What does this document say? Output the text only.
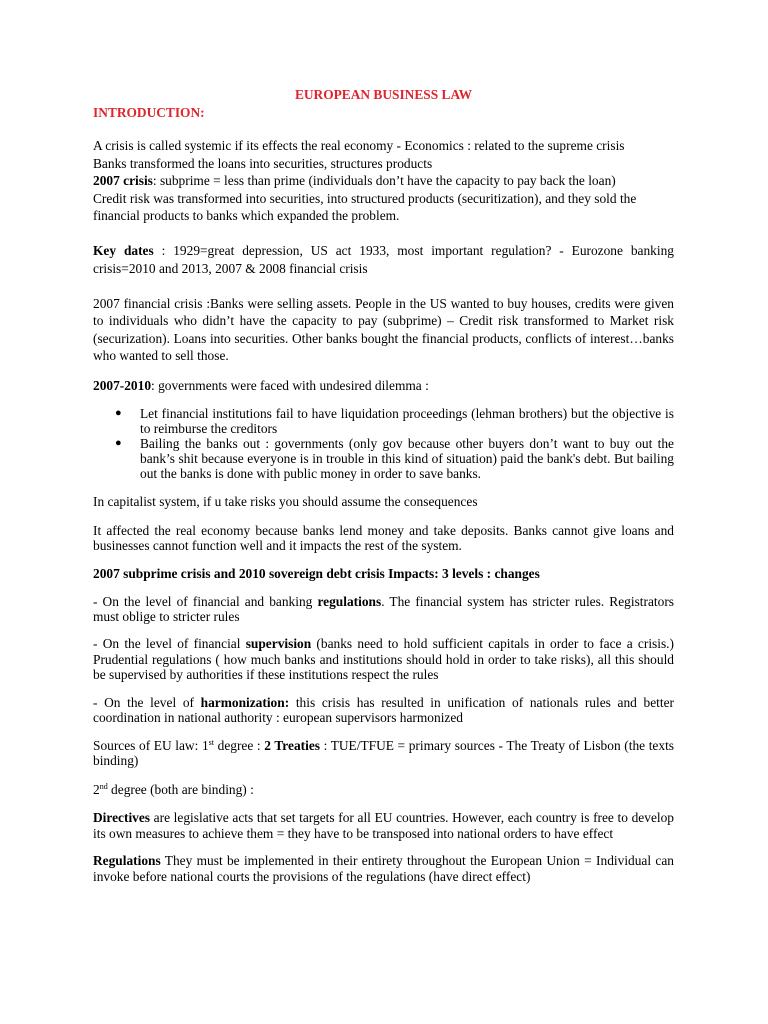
EUROPEAN BUSINESS LAW

INTRODUCTION:

A crisis is called systemic if its effects the real economy - Economics : related to the supreme crisis
Banks transformed the loans into securities, structures products
2007 crisis: subprime = less than prime (individuals don’t have the capacity to pay back the loan)
Credit risk was transformed into securities, into structured products (securitization), and they sold the financial products to banks which expanded the problem.

Key dates : 1929=great depression, US act 1933, most important regulation? - Eurozone banking crisis=2010 and 2013, 2007 & 2008 financial crisis

2007 financial crisis :Banks were selling assets. People in the US wanted to buy houses, credits were given to individuals who didn’t have the capacity to pay (subprime) – Credit risk transformed to Market risk (securization). Loans into securities. Other banks bought the financial products, conflicts of interest…banks who wanted to sell those.

2007-2010: governments were faced with undesired dilemma :

● Let financial institutions fail to have liquidation proceedings (lehman brothers) but the objective is to reimburse the creditors
● Bailing the banks out : governments (only gov because other buyers don’t want to buy out the bank’s shit because everyone is in trouble in this kind of situation) paid the bank's debt. But bailing out the banks is done with public money in order to save banks.

In capitalist system, if u take risks you should assume the consequences

It affected the real economy because banks lend money and take deposits. Banks cannot give loans and businesses cannot function well and it impacts the rest of the system.

2007 subprime crisis and 2010 sovereign debt crisis Impacts: 3 levels : changes

- On the level of financial and banking regulations. The financial system has stricter rules. Registrators must oblige to stricter rules

- On the level of financial supervision (banks need to hold sufficient capitals in order to face a crisis.) Prudential regulations ( how much banks and institutions should hold in order to take risks), all this should be supervised by authorities if these institutions respect the rules

- On the level of harmonization: this crisis has resulted in unification of nationals rules and better coordination in national authority : european supervisors harmonized

Sources of EU law: 1st degree : 2 Treaties : TUE/TFUE = primary sources - The Treaty of Lisbon (the texts binding)

2nd degree (both are binding) :

Directives are legislative acts that set targets for all EU countries. However, each country is free to develop its own measures to achieve them = they have to be transposed into national orders to have effect

Regulations They must be implemented in their entirety throughout the European Union = Individual can invoke before national courts the provisions of the regulations (have direct effect)
